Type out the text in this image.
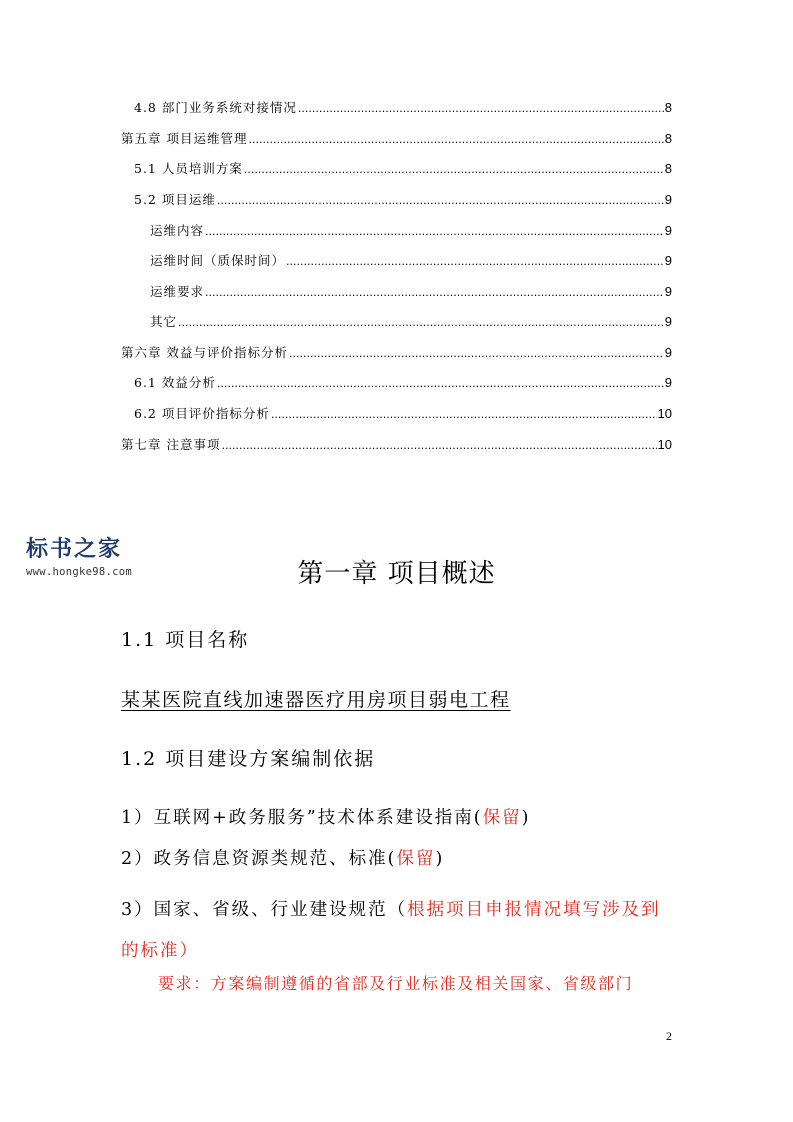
4.8 部门业务系统对接情况 .....	8
第五章 项目运维管理 .....	8
5.1 人员培训方案 .....	8
5.2 项目运维 .....	9
运维内容 .....	9
运维时间（质保时间） .....	9
运维要求 .....	9
其它 .....	9
第六章 效益与评价指标分析 .....	9
6.1 效益分析 .....	9
6.2 项目评价指标分析 .....	10
第七章 注意事项 .....	10
标书之家
www.hongke98.com	第一章 项目概述
1.1 项目名称
某某医院直线加速器医疗用房项目弱电工程
1.2 项目建设方案编制依据
1）互联网+政务服务”技术体系建设指南(保留)
2）政务信息资源类规范、标准(保留)
3）国家、省级、行业建设规范（根据项目申报情况填写涉及到的标准）
要求：方案编制遵循的省部及行业标准及相关国家、省级部门
2
